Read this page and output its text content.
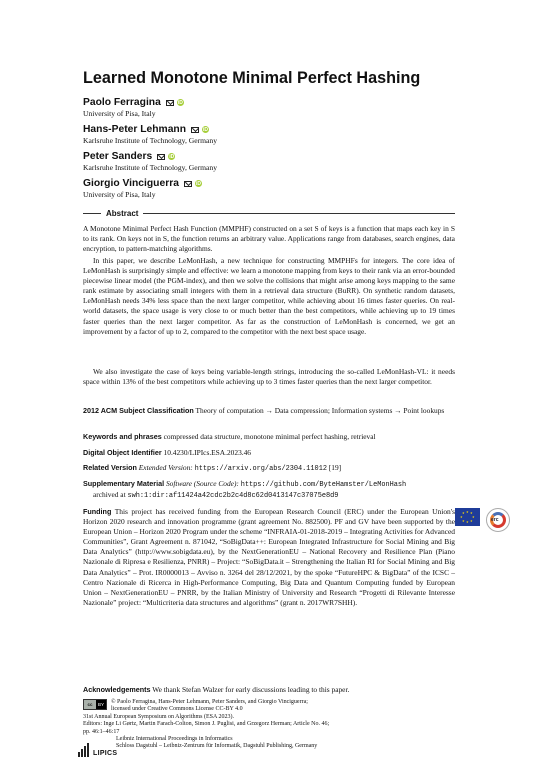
Learned Monotone Minimal Perfect Hashing
Paolo Ferragina	iD
University of Pisa, Italy
Hans-Peter Lehmann	iD
Karlsruhe Institute of Technology, Germany
Peter Sanders	iD
Karlsruhe Institute of Technology, Germany
Giorgio Vinciguerra	iD
University of Pisa, Italy
Abstract
A Monotone Minimal Perfect Hash Function (MMPHF) constructed on a set S of keys is a function that maps each key in S to its rank. On keys not in S, the function returns an arbitrary value. Applications range from databases, search engines, data encryption, to pattern-matching algorithms.
In this paper, we describe LeMonHash, a new technique for constructing MMPHFs for integers. The core idea of LeMonHash is surprisingly simple and effective: we learn a monotone mapping from keys to their rank via an error-bounded piecewise linear model (the PGM-index), and then we solve the collisions that might arise among keys mapping to the same rank estimate by associating small integers with them in a retrieval data structure (BuRR). On synthetic random datasets, LeMonHash needs 34% less space than the next larger competitor, while achieving about 16 times faster queries. On real-world datasets, the space usage is very close to or much better than the best competitors, while achieving up to 19 times faster queries than the next larger competitor. As far as the construction of LeMonHash is concerned, we get an improvement by a factor of up to 2, compared to the competitor with the next best space usage.
We also investigate the case of keys being variable-length strings, introducing the so-called LeMonHash-VL: it needs space within 13% of the best competitors while achieving up to 3 times faster queries than the next larger competitor.
2012 ACM Subject Classification Theory of computation → Data compression; Information systems → Point lookups
Keywords and phrases compressed data structure, monotone minimal perfect hashing, retrieval
Digital Object Identifier 10.4230/LIPIcs.ESA.2023.46
Related Version Extended Version: https://arxiv.org/abs/2304.11012 [19]
Supplementary Material Software (Source Code): https://github.com/ByteHamster/LeMonHash
archived at swh:1:dir:af11424a42cdc2b2c4d8c62d0413147c37075e8d9
Funding This project has received funding from the European Research Council (ERC) under the European Union's Horizon 2020 research and innovation programme (grant agreement No. 882500). PF and GV have been supported by the European Union – Horizon 2020 Program under the scheme “INFRAIA-01-2018-2019 – Integrating Activities for Advanced Communities”, Grant Agreement n. 871042, “SoBigData++: European Integrated Infrastructure for Social Mining and Big Data Analytics” (http://www.sobigdata.eu), by the NextGenerationEU – National Recovery and Resilience Plan (Piano Nazionale di Ripresa e Resilienza, PNRR) – Project: “SoBigData.it – Strengthening the Italian RI for Social Mining and Big Data Analytics” – Prot. IR0000013 – Avviso n. 3264 del 28/12/2021, by the spoke “FutureHPC & BigData” of the ICSC – Centro Nazionale di Ricerca in High-Performance Computing, Big Data and Quantum Computing funded by European Union – NextGenerationEU – PNRR, by the Italian Ministry of University and Research “Progetti di Rilevante Interesse Nazionale” project: “Multicriteria data structures and algorithms” (grant n. 2017WR7SHH).
Acknowledgements We thank Stefan Walzer for early discussions leading to this paper.
cc	BY	© Paolo Ferragina, Hans-Peter Lehmann, Peter Sanders, and Giorgio Vinciguerra;
licensed under Creative Commons License CC-BY 4.0
31st Annual European Symposium on Algorithms (ESA 2023).
Editors: Inge Li Gørtz, Martin Farach-Colton, Simon J. Puglisi, and Grzegorz Herman; Article No. 46;
pp. 46:1–46:17
Leibniz International Proceedings in Informatics
Schloss Dagstuhl – Leibniz-Zentrum für Informatik, Dagstuhl Publishing, Germany
LIPICS
★ ★
★
★
★
★
★
★
erc
